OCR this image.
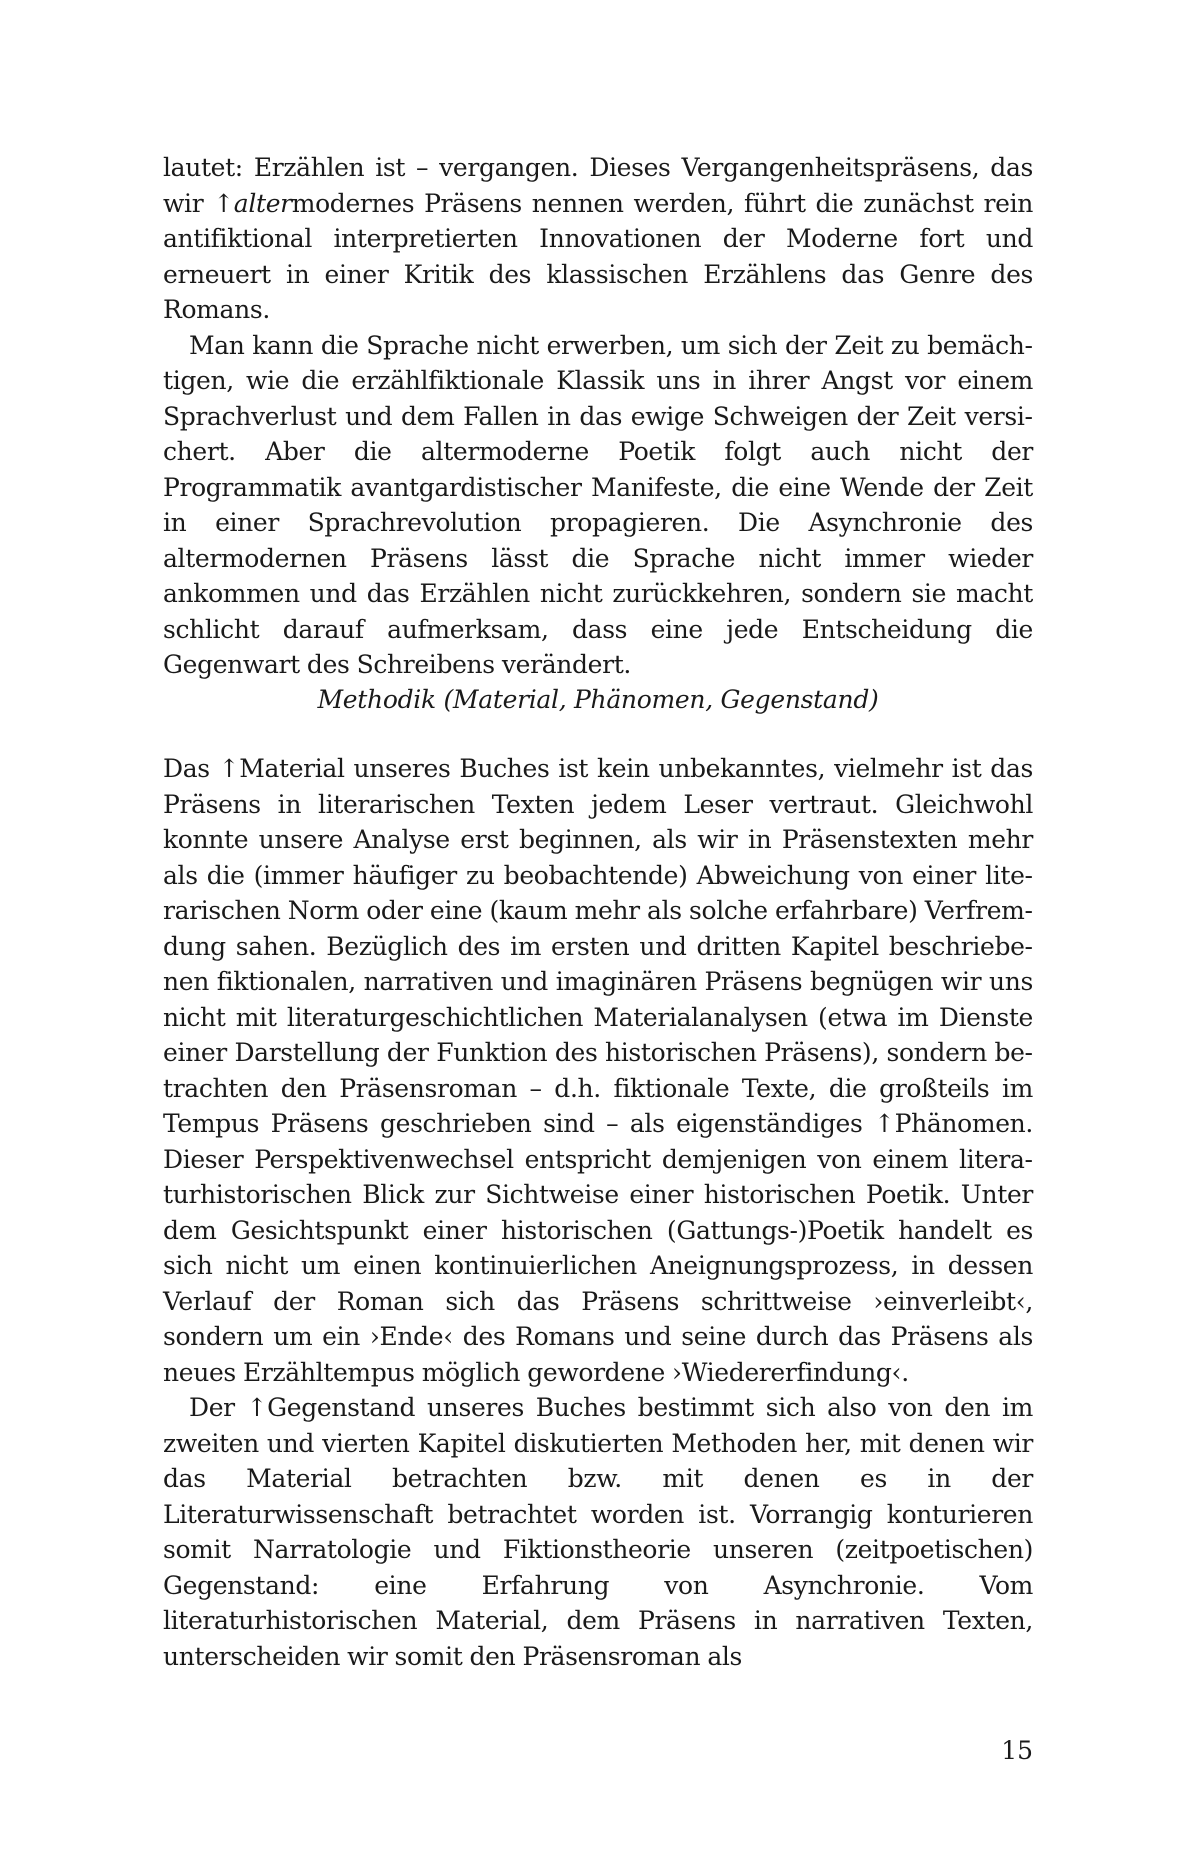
lautet: Erzählen ist – vergangen. Dieses Vergangenheitspräsens, das wir ↑altermodernes Präsens nennen werden, führt die zunächst rein antifiktional interpretierten Innovationen der Moderne fort und erneuert in einer Kritik des klassischen Erzählens das Genre des Romans.

Man kann die Sprache nicht erwerben, um sich der Zeit zu bemächtigen, wie die erzählfiktionale Klassik uns in ihrer Angst vor einem Sprachverlust und dem Fallen in das ewige Schweigen der Zeit versichert. Aber die altermoderne Poetik folgt auch nicht der Programmatik avantgardistischer Manifeste, die eine Wende der Zeit in einer Sprachrevolution propagieren. Die Asynchronie des altermodernen Präsens lässt die Sprache nicht immer wieder ankommen und das Erzählen nicht zurückkehren, sondern sie macht schlicht darauf aufmerksam, dass eine jede Entscheidung die Gegenwart des Schreibens verändert.

Methodik (Material, Phänomen, Gegenstand)

Das ↑Material unseres Buches ist kein unbekanntes, vielmehr ist das Präsens in literarischen Texten jedem Leser vertraut. Gleichwohl konnte unsere Analyse erst beginnen, als wir in Präsenstexten mehr als die (immer häufiger zu beobachtende) Abweichung von einer literarischen Norm oder eine (kaum mehr als solche erfahrbare) Verfremdung sahen. Bezüglich des im ersten und dritten Kapitel beschriebenen fiktionalen, narrativen und imaginären Präsens begnügen wir uns nicht mit literaturgeschichtlichen Materialanalysen (etwa im Dienste einer Darstellung der Funktion des historischen Präsens), sondern betrachten den Präsensroman – d.h. fiktionale Texte, die großteils im Tempus Präsens geschrieben sind – als eigenständiges ↑Phänomen. Dieser Perspektivenwechsel entspricht demjenigen von einem literaturhistorischen Blick zur Sichtweise einer historischen Poetik. Unter dem Gesichtspunkt einer historischen (Gattungs-)Poetik handelt es sich nicht um einen kontinuierlichen Aneignungsprozess, in dessen Verlauf der Roman sich das Präsens schrittweise ›einverleibt‹, sondern um ein ›Ende‹ des Romans und seine durch das Präsens als neues Erzähltempus möglich gewordene ›Wiedererfindung‹.

Der ↑Gegenstand unseres Buches bestimmt sich also von den im zweiten und vierten Kapitel diskutierten Methoden her, mit denen wir das Material betrachten bzw. mit denen es in der Literaturwissenschaft betrachtet worden ist. Vorrangig konturieren somit Narratologie und Fiktionstheorie unseren (zeitpoetischen) Gegenstand: eine Erfahrung von Asynchronie. Vom literaturhistorischen Material, dem Präsens in narrativen Texten, unterscheiden wir somit den Präsensroman als

15
